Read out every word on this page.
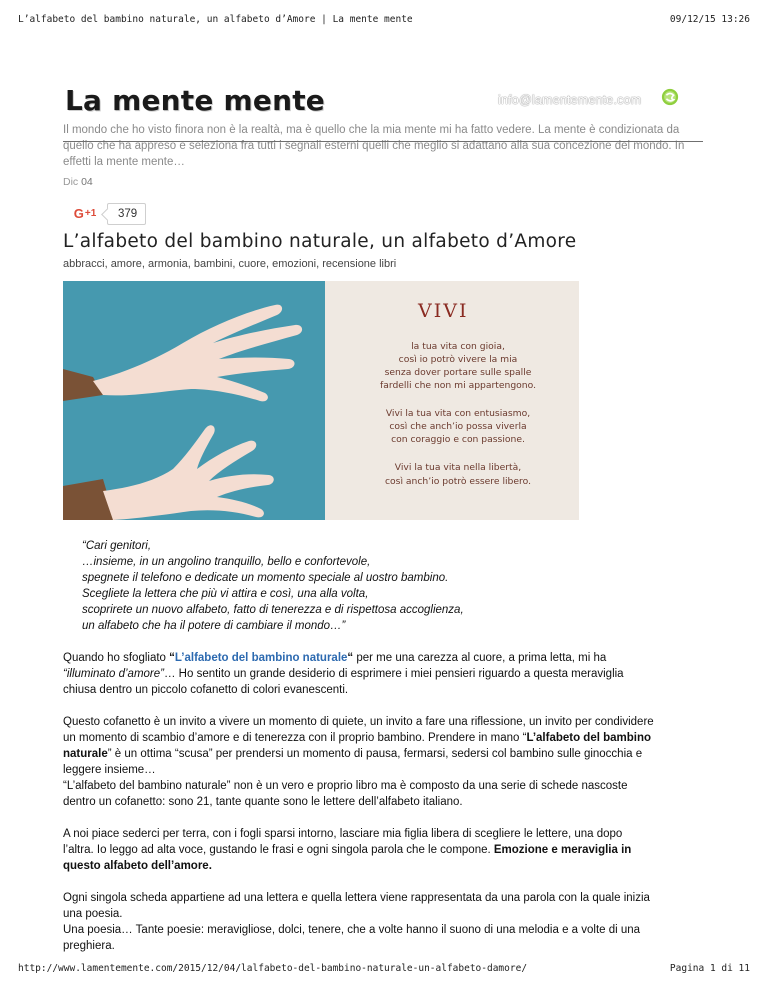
L’alfabeto del bambino naturale, un alfabeto d’Amore | La mente mente	09/12/15 13:26
La mente mente	info@lamentemente.com
Il mondo che ho visto finora non è la realtà, ma è quello che la mia mente mi ha fatto vedere. La mente è condizionata da quello che ha appreso e seleziona fra tutti i segnali esterni quelli che meglio si adattano alla sua concezione del mondo. In effetti la mente mente…
Dic 04
G +1	379
L’alfabeto del bambino naturale, un alfabeto d’Amore
abbracci, amore, armonia, bambini, cuore, emozioni, recensione libri
VIVI
la tua vita con gioia,
così io potrò vivere la mia
senza dover portare sulle spalle
fardelli che non mi appartengono.
Vivi la tua vita con entusiasmo,
così che anch’io possa viverla
con coraggio e con passione.
Vivi la tua vita nella libertà,
così anch’io potrò essere libero.

“Cari genitori,

…insieme, in un angolino tranquillo, bello e confortevole,

spegnete il telefono e dedicate un momento speciale al uostro bambino.

Scegliete la lettera che più vi attira e così, una alla volta,

scoprirete un nuovo alfabeto, fatto di tenerezza e di rispettosa accoglienza,

un alfabeto che ha il potere di cambiare il mondo…”

Quando ho sfogliato “L’alfabeto del bambino naturale“ per me una carezza al cuore, a prima letta, mi ha
“illuminato d’amore”… Ho sentito un grande desiderio di esprimere i miei pensieri riguardo a questa meraviglia
chiusa dentro un piccolo cofanetto di colori evanescenti.
Questo cofanetto è un invito a vivere un momento di quiete, un invito a fare una riflessione, un invito per condividere
un momento di scambio d’amore e di tenerezza con il proprio bambino. Prendere in mano “L’alfabeto del bambino
naturale” è un ottima “scusa” per prendersi un momento di pausa, fermarsi, sedersi col bambino sulle ginocchia e
leggere insieme…
“L’alfabeto del bambino naturale” non è un vero e proprio libro ma è composto da una serie di schede nascoste
dentro un cofanetto: sono 21, tante quante sono le lettere dell’alfabeto italiano.
A noi piace sederci per terra, con i fogli sparsi intorno, lasciare mia figlia libera di scegliere le lettere, una dopo
l’altra. Io leggo ad alta voce, gustando le frasi e ogni singola parola che le compone. Emozione e meraviglia in
questo alfabeto dell’amore.
Ogni singola scheda appartiene ad una lettera e quella lettera viene rappresentata da una parola con la quale inizia
una poesia.
Una poesia… Tante poesie: meravigliose, dolci, tenere, che a volte hanno il suono di una melodia e a volte di una
preghiera.
http://www.lamentemente.com/2015/12/04/lalfabeto-del-bambino-naturale-un-alfabeto-damore/	Pagina 1 di 11
